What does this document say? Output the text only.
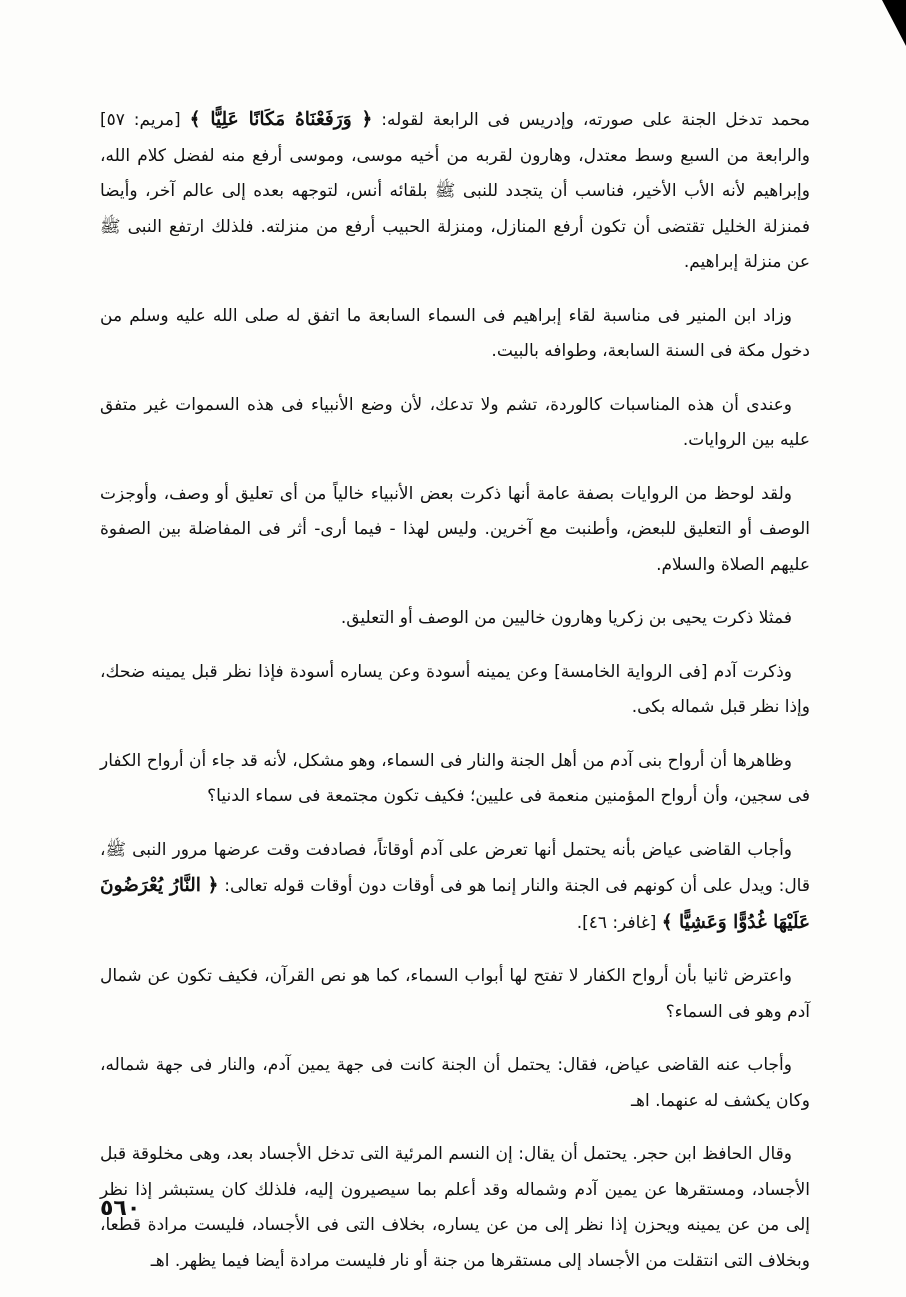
محمد تدخل الجنة على صورته، وإدريس فى الرابعة لقوله: ﴿ وَرَفَعْنَاهُ مَكَانًا عَلِيًّا ﴾ [مريم: ٥٧] والرابعة من السبع وسط معتدل، وهارون لقربه من أخيه موسى، وموسى أرفع منه لفضل كلام الله، وإبراهيم لأنه الأب الأخير، فناسب أن يتجدد للنبى ﷺ بلقائه أنس، لتوجهه بعده إلى عالم آخر، وأيضا فمنزلة الخليل تقتضى أن تكون أرفع المنازل، ومنزلة الحبيب أرفع من منزلته. فلذلك ارتفع النبى ﷺ عن منزلة إبراهيم.

وزاد ابن المنير فى مناسبة لقاء إبراهيم فى السماء السابعة ما اتفق له صلى الله عليه وسلم من دخول مكة فى السنة السابعة، وطوافه بالبيت.

وعندى أن هذه المناسبات كالوردة، تشم ولا تدعك، لأن وضع الأنبياء فى هذه السموات غير متفق عليه بين الروايات.

ولقد لوحظ من الروايات بصفة عامة أنها ذكرت بعض الأنبياء خالياً من أى تعليق أو وصف، وأوجزت الوصف أو التعليق للبعض، وأطنبت مع آخرين. وليس لهذا - فيما أرى- أثر فى المفاضلة بين الصفوة عليهم الصلاة والسلام.

فمثلا ذكرت يحيى بن زكريا وهارون خاليين من الوصف أو التعليق.

وذكرت آدم [فى الرواية الخامسة] وعن يمينه أسودة وعن يساره أسودة فإذا نظر قبل يمينه ضحك، وإذا نظر قبل شماله بكى.

وظاهرها أن أرواح بنى آدم من أهل الجنة والنار فى السماء، وهو مشكل، لأنه قد جاء أن أرواح الكفار فى سجين، وأن أرواح المؤمنين منعمة فى عليين؛ فكيف تكون مجتمعة فى سماء الدنيا؟

وأجاب القاضى عياض بأنه يحتمل أنها تعرض على آدم أوقاتاً، فصادفت وقت عرضها مرور النبى ﷺ، قال: ويدل على أن كونهم فى الجنة والنار إنما هو فى أوقات دون أوقات قوله تعالى: ﴿ النَّارُ يُعْرَضُونَ عَلَيْهَا غُدُوًّا وَعَشِيًّا ﴾ [غافر: ٤٦].

واعترض ثانيا بأن أرواح الكفار لا تفتح لها أبواب السماء، كما هو نص القرآن، فكيف تكون عن شمال آدم وهو فى السماء؟

وأجاب عنه القاضى عياض، فقال: يحتمل أن الجنة كانت فى جهة يمين آدم، والنار فى جهة شماله، وكان يكشف له عنهما. اهـ

وقال الحافظ ابن حجر. يحتمل أن يقال: إن النسم المرئية التى تدخل الأجساد بعد، وهى مخلوقة قبل الأجساد، ومستقرها عن يمين آدم وشماله وقد أعلم بما سيصيرون إليه، فلذلك كان يستبشر إذا نظر إلى من عن يمينه ويحزن إذا نظر إلى من عن يساره، بخلاف التى فى الأجساد، فليست مرادة قطعا، وبخلاف التى انتقلت من الأجساد إلى مستقرها من جنة أو نار فليست مرادة أيضا فيما يظهر. اهـ

٥٦٠
